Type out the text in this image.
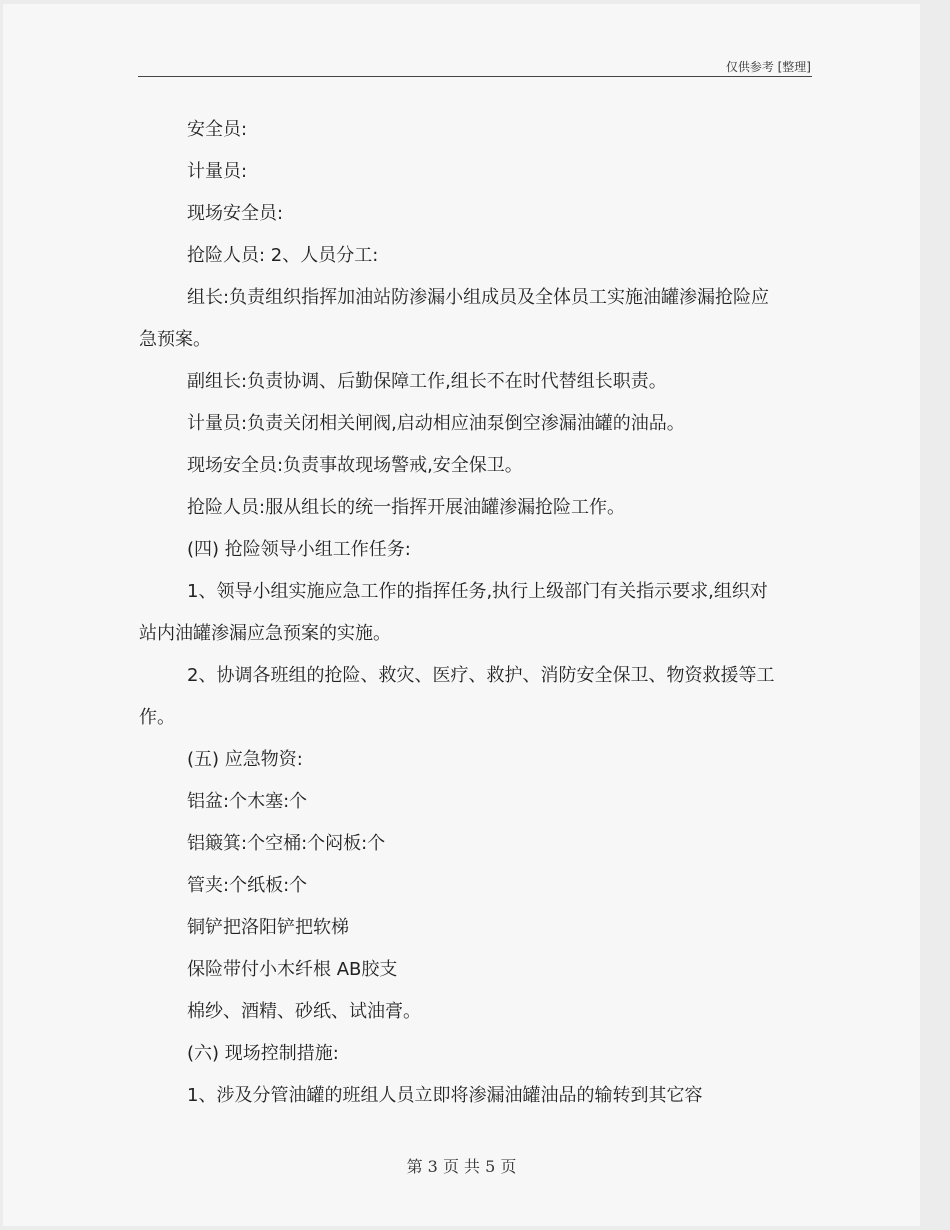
仅供参考 [整理]

安全员:

计量员:

现场安全员:

抢险人员: 2、人员分工:

组长:负责组织指挥加油站防渗漏小组成员及全体员工实施油罐渗漏抢险应急预案。

副组长:负责协调、后勤保障工作,组长不在时代替组长职责。

计量员:负责关闭相关闸阀,启动相应油泵倒空渗漏油罐的油品。

现场安全员:负责事故现场警戒,安全保卫。

抢险人员:服从组长的统一指挥开展油罐渗漏抢险工作。

(四) 抢险领导小组工作任务:

1、领导小组实施应急工作的指挥任务,执行上级部门有关指示要求,组织对站内油罐渗漏应急预案的实施。

2、协调各班组的抢险、救灾、医疗、救护、消防安全保卫、物资救援等工作。

(五) 应急物资:

铝盆:个木塞:个

铝簸箕:个空桶:个闷板:个

管夹:个纸板:个

铜铲把洛阳铲把软梯

保险带付小木纤根 AB胶支

棉纱、酒精、砂纸、试油膏。

(六) 现场控制措施:

1、涉及分管油罐的班组人员立即将渗漏油罐油品的输转到其它容

第 3 页 共 5 页
